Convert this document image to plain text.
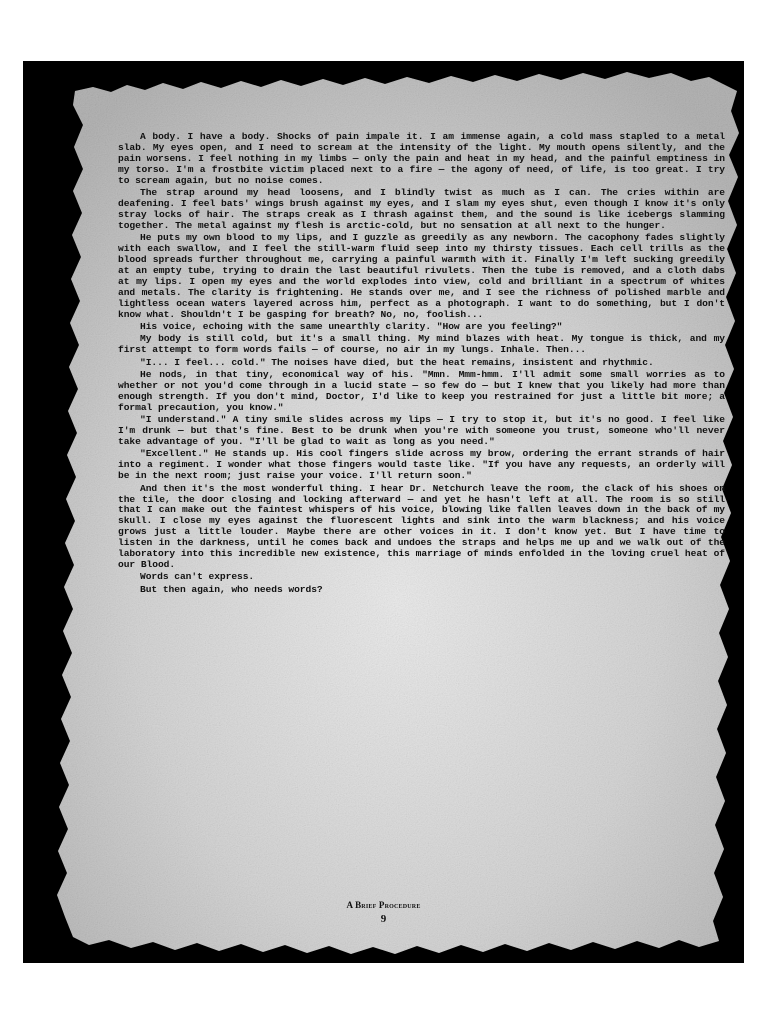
A body. I have a body. Shocks of pain impale it. I am immense again, a cold mass stapled to a metal slab. My eyes open, and I need to scream at the intensity of the light. My mouth opens silently, and the pain worsens. I feel nothing in my limbs — only the pain and heat in my head, and the painful emptiness in my torso. I'm a frostbite victim placed next to a fire — the agony of need, of life, is too great. I try to scream again, but no noise comes.

The strap around my head loosens, and I blindly twist as much as I can. The cries within are deafening. I feel bats' wings brush against my eyes, and I slam my eyes shut, even though I know it's only stray locks of hair. The straps creak as I thrash against them, and the sound is like icebergs slamming together. The metal against my flesh is arctic-cold, but no sensation at all next to the hunger.

He puts my own blood to my lips, and I guzzle as greedily as any newborn. The cacophony fades slightly with each swallow, and I feel the still-warm fluid seep into my thirsty tissues. Each cell trills as the blood spreads further throughout me, carrying a painful warmth with it. Finally I'm left sucking greedily at an empty tube, trying to drain the last beautiful rivulets. Then the tube is removed, and a cloth dabs at my lips. I open my eyes and the world explodes into view, cold and brilliant in a spectrum of whites and metals. The clarity is frightening. He stands over me, and I see the richness of polished marble and lightless ocean waters layered across him, perfect as a photograph. I want to do something, but I don't know what. Shouldn't I be gasping for breath? No, no, foolish...

His voice, echoing with the same unearthly clarity. "How are you feeling?"

My body is still cold, but it's a small thing. My mind blazes with heat. My tongue is thick, and my first attempt to form words fails — of course, no air in my lungs. Inhale. Then...

"I... I feel... cold." The noises have died, but the heat remains, insistent and rhythmic.

He nods, in that tiny, economical way of his. "Mmn. Mmm-hmm. I'll admit some small worries as to whether or not you'd come through in a lucid state — so few do — but I knew that you likely had more than enough strength. If you don't mind, Doctor, I'd like to keep you restrained for just a little bit more; a formal precaution, you know."

"I understand." A tiny smile slides across my lips — I try to stop it, but it's no good. I feel like I'm drunk — but that's fine. Best to be drunk when you're with someone you trust, someone who'll never take advantage of you. "I'll be glad to wait as long as you need."

"Excellent." He stands up. His cool fingers slide across my brow, ordering the errant strands of hair into a regiment. I wonder what those fingers would taste like. "If you have any requests, an orderly will be in the next room; just raise your voice. I'll return soon."

And then it's the most wonderful thing. I hear Dr. Netchurch leave the room, the clack of his shoes on the tile, the door closing and locking afterward — and yet he hasn't left at all. The room is so still that I can make out the faintest whispers of his voice, blowing like fallen leaves down in the back of my skull. I close my eyes against the fluorescent lights and sink into the warm blackness; and his voice grows just a little louder. Maybe there are other voices in it. I don't know yet. But I have time to listen in the darkness, until he comes back and undoes the straps and helps me up and we walk out of the laboratory into this incredible new existence, this marriage of minds enfolded in the loving cruel heat of our Blood.

Words can't express.

But then again, who needs words?

A Brief Procedure
9
